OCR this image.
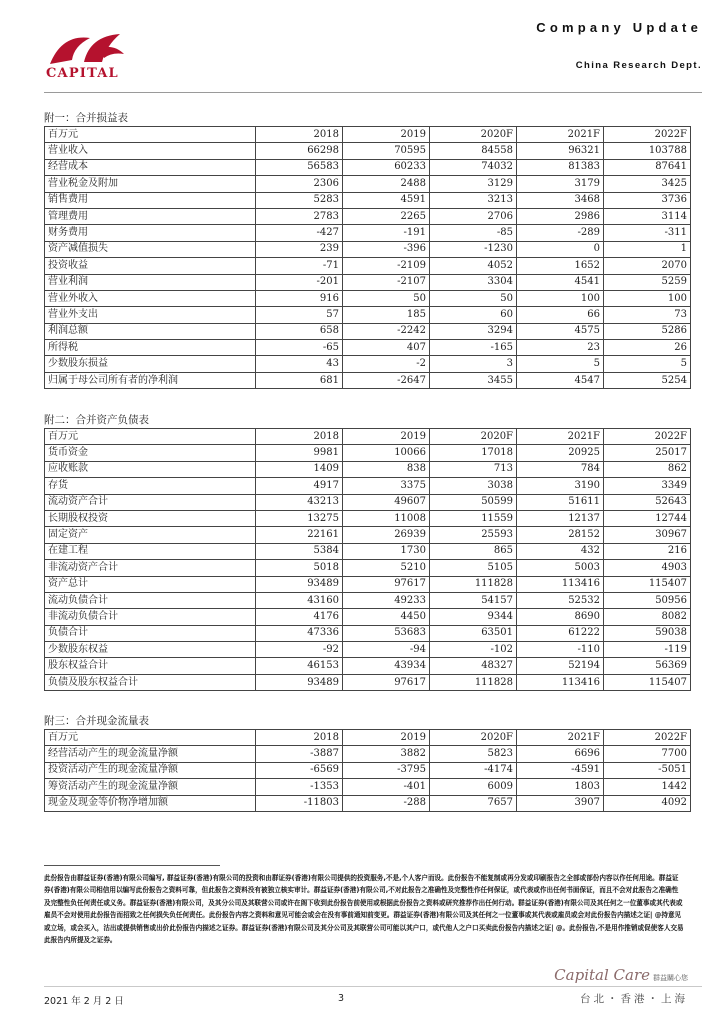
CAPITAL
Company Update
China Research Dept.
附一：合并损益表
百万元	2018	2019	2020F	2021F	2022F
营业收入	66298	70595	84558	96321	103788
经营成本	56583	60233	74032	81383	87641
营业税金及附加	2306	2488	3129	3179	3425
销售费用	5283	4591	3213	3468	3736
管理费用	2783	2265	2706	2986	3114
财务费用	-427	-191	-85	-289	-311
资产减值损失	239	-396	-1230	0	1
投资收益	-71	-2109	4052	1652	2070
营业利润	-201	-2107	3304	4541	5259
营业外收入	916	50	50	100	100
营业外支出	57	185	60	66	73
利润总额	658	-2242	3294	4575	5286
所得税	-65	407	-165	23	26
少数股东损益	43	-2	3	5	5
归属于母公司所有者的净利润	681	-2647	3455	4547	5254
附二：合并资产负债表
百万元	2018	2019	2020F	2021F	2022F
货币资金	9981	10066	17018	20925	25017
应收账款	1409	838	713	784	862
存货	4917	3375	3038	3190	3349
流动资产合计	43213	49607	50599	51611	52643
长期股权投资	13275	11008	11559	12137	12744
固定资产	22161	26939	25593	28152	30967
在建工程	5384	1730	865	432	216
非流动资产合计	5018	5210	5105	5003	4903
资产总计	93489	97617	111828	113416	115407
流动负债合计	43160	49233	54157	52532	50956
非流动负债合计	4176	4450	9344	8690	8082
负债合计	47336	53683	63501	61222	59038
少数股东权益	-92	-94	-102	-110	-119
股东权益合计	46153	43934	48327	52194	56369
负债及股东权益合计	93489	97617	111828	113416	115407
附三：合并现金流量表
百万元	2018	2019	2020F	2021F	2022F
经营活动产生的现金流量净额	-3887	3882	5823	6696	7700
投资活动产生的现金流量净额	-6569	-3795	-4174	-4591	-5051
筹资活动产生的现金流量净额	-1353	-401	6009	1803	1442
现金及现金等价物净增加额	-11803	-288	7657	3907	4092

此份报告由群益证券(香港)有限公司编写, 群益证券(香港)有限公司的投资和由群证券(香港)有限公司提供的投资服务,不是,个人客户而设。此份报告不能复制或再分发或印刷报告之全部或部份内容以作任何用途。群益证券(香港)有限公司相信用以编写此份报告之资料可靠，但此报告之资料没有被独立核实审计。群益证券(香港)有限公司,不对此报告之准确性及完整性作任何保证，或代表或作出任何书面保证，而且不会对此报告之准确性及完整性负任何责任或义务。群益证券(香港)有限公司，及其分公司及其联营公司或许在阁下收到此份报告前使用或根据此份报告之资料或研究推荐作出任何行动。群益证券(香港)有限公司及其任何之一位董事或其代表或雇员不会对使用此份报告而招致之任何损失负任何责任。此份报告内容之资料和意见可能会或会在没有事前通知前变更。群益证券(香港)有限公司及其任何之一位董事或其代表或雇员或会对此份报告内描述之证| @持意见或立场，或会买入，沽出或提供销售或出价此份报告内描述之证券。群益证券(香港)有限公司及其分公司及其联营公司可能以其户口，或代他人之户口买卖此份报告内描述之证| @。此份报告,不是用作推销或促使客人交易此报告内所提及之证券。

Capital Care 群益關心您
台北・香港・上海
2021 年 2 月 2 日	3
